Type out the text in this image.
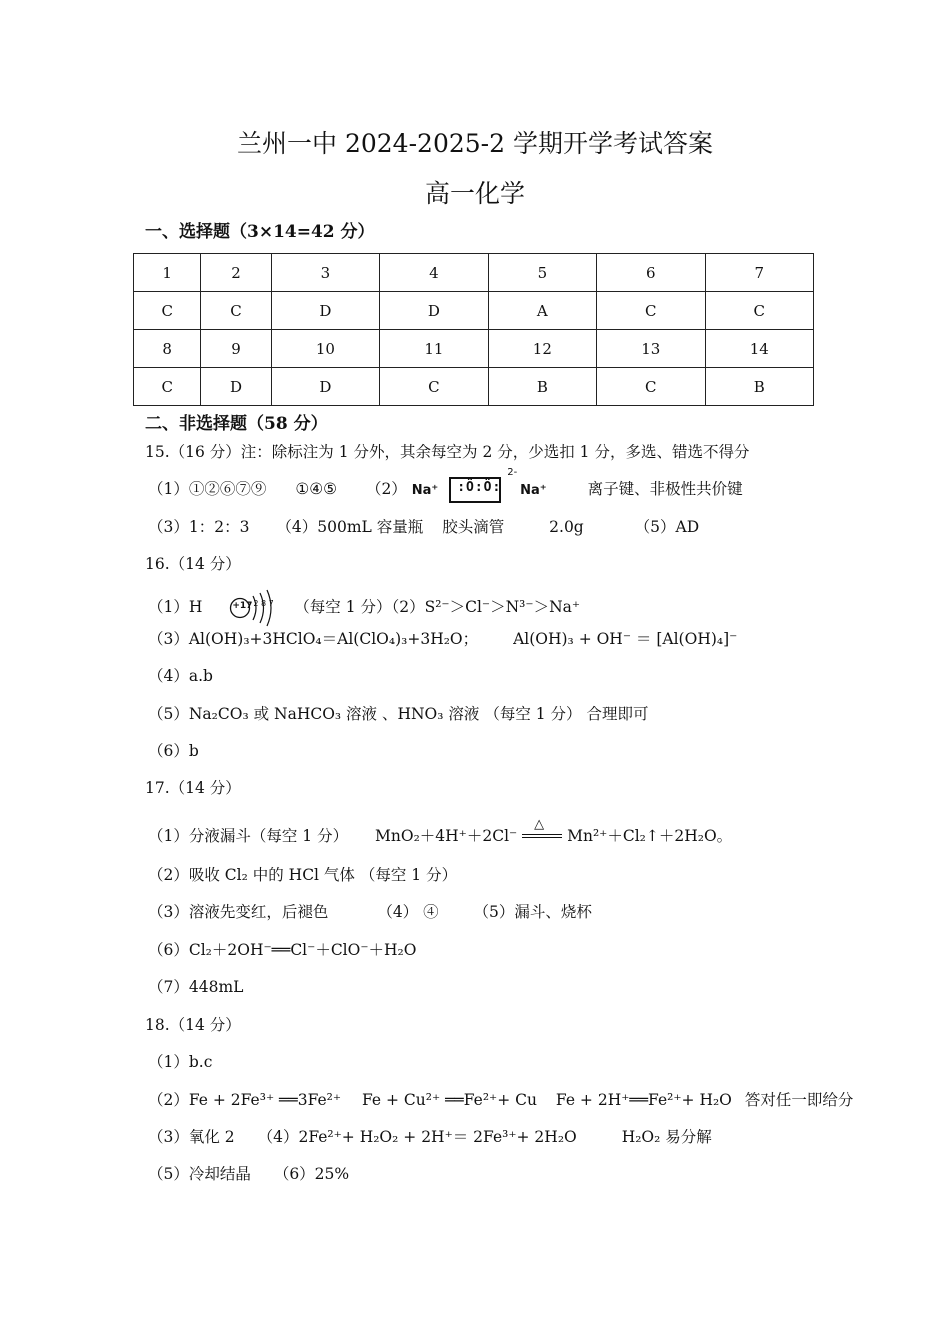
兰州一中 2024-2025-2 学期开学考试答案
高一化学
一、选择题（3×14=42 分）
1	2	3	4	5	6	7
C	C	D	D	A	C	C
8	9	10	11	12	13	14
C	D	D	C	B	C	B
二、非选择题（58 分）
15.（16 分）注：除标注为 1 分外，其余每空为 2 分，少选扣 1 分，多选、错选不得分
（1）①②⑥⑦⑨ ①④⑤ （2） Na⁺ :Ö:Ö:
2-
Na⁺	离子键、非极性共价键
（3）1：2：3 （4）500mL 容量瓶 胶头滴管	2.0g	（5）AD
16.（14 分）
（1）H	+17 2 8 7 （每空 1 分）（2）S²⁻＞Cl⁻＞N³⁻＞Na⁺
（3）Al(OH)₃+3HClO₄＝Al(ClO₄)₃+3H₂O； Al(OH)₃ + OH⁻ ＝ [Al(OH)₄]⁻
（4）a.b
（5）Na₂CO₃ 或 NaHCO₃ 溶液 、HNO₃ 溶液 （每空 1 分） 合理即可
（6）b
17.（14 分）
（1）分液漏斗（每空 1 分） MnO₂＋4H⁺＋2Cl⁻
△
Mn²⁺＋Cl₂↑＋2H₂O。
（2）吸收 Cl₂ 中的 HCl 气体 （每空 1 分）
（3）溶液先变红，后褪色	（4） ④ （5）漏斗、烧杯
（6）Cl₂＋2OH⁻══Cl⁻＋ClO⁻＋H₂O
（7）448mL
18.（14 分）
（1）b.c
（2）Fe + 2Fe³⁺ ══3Fe²⁺ Fe + Cu²⁺ ══Fe²⁺+ Cu Fe + 2H⁺══Fe²⁺+ H₂O 答对任一即给分
（3）氧化 2 （4）2Fe²⁺+ H₂O₂ + 2H⁺＝ 2Fe³⁺+ 2H₂O	H₂O₂ 易分解
（5）冷却结晶 （6）25%
